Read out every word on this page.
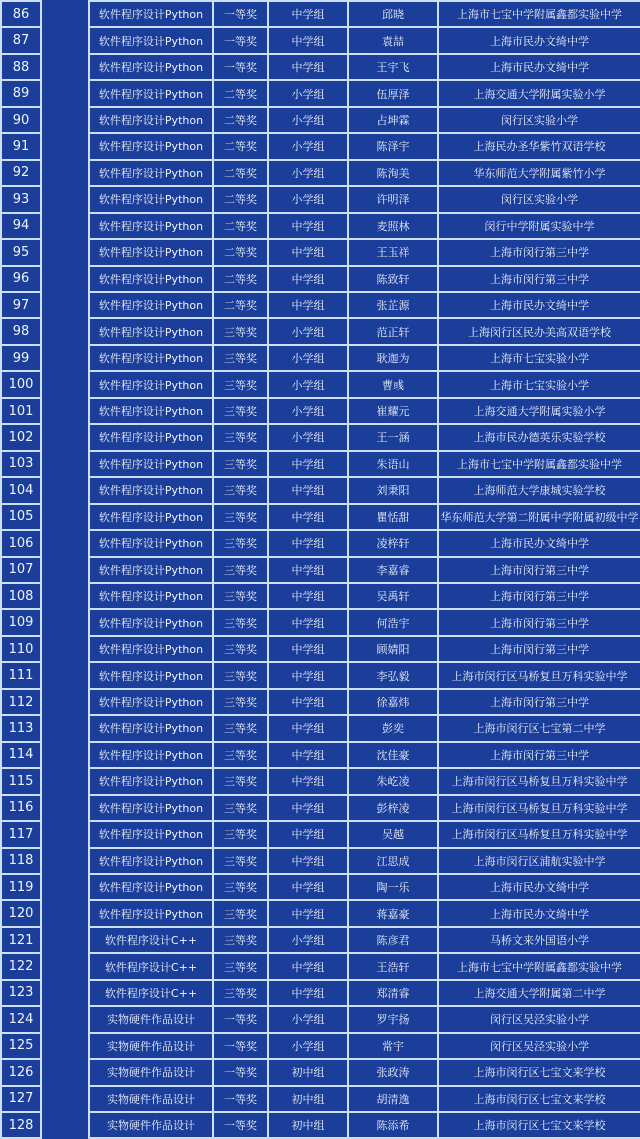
86		软件程序设计Python	一等奖	中学组	邱晓	上海市七宝中学附属鑫都实验中学
87		软件程序设计Python	一等奖	中学组	袁喆	上海市民办文绮中学
88		软件程序设计Python	一等奖	中学组	王宇飞	上海市民办文绮中学
89		软件程序设计Python	二等奖	小学组	伍厚泽	上海交通大学附属实验小学
90		软件程序设计Python	二等奖	小学组	占坤霖	闵行区实验小学
91		软件程序设计Python	二等奖	小学组	陈泽宇	上海民办圣华紫竹双语学校
92		软件程序设计Python	二等奖	小学组	陈洵美	华东师范大学附属紫竹小学
93		软件程序设计Python	二等奖	小学组	许明泽	闵行区实验小学
94		软件程序设计Python	二等奖	中学组	麦照林	闵行中学附属实验中学
95		软件程序设计Python	二等奖	中学组	王玉祥	上海市闵行第三中学
96		软件程序设计Python	二等奖	中学组	陈致轩	上海市闵行第三中学
97		软件程序设计Python	二等奖	中学组	张芷源	上海市民办文绮中学
98		软件程序设计Python	三等奖	小学组	范正轩	上海闵行区民办美高双语学校
99		软件程序设计Python	三等奖	小学组	耿迦为	上海市七宝实验小学
100		软件程序设计Python	三等奖	小学组	曹彧	上海市七宝实验小学
101		软件程序设计Python	三等奖	小学组	崔耀元	上海交通大学附属实验小学
102		软件程序设计Python	三等奖	小学组	王一涵	上海市民办德英乐实验学校
103		软件程序设计Python	三等奖	中学组	朱语山	上海市七宝中学附属鑫都实验中学
104		软件程序设计Python	三等奖	中学组	刘秉阳	上海师范大学康城实验学校
105		软件程序设计Python	三等奖	中学组	瞿恬甜	华东师范大学第二附属中学附属初级中学
106		软件程序设计Python	三等奖	中学组	凌梓轩	上海市民办文绮中学
107		软件程序设计Python	三等奖	中学组	李嘉睿	上海市闵行第三中学
108		软件程序设计Python	三等奖	中学组	吴禹轩	上海市闵行第三中学
109		软件程序设计Python	三等奖	中学组	何浩宇	上海市闵行第三中学
110		软件程序设计Python	三等奖	中学组	顾婧阳	上海市闵行第三中学
111		软件程序设计Python	三等奖	中学组	李弘毅	上海市闵行区马桥复旦万科实验中学
112		软件程序设计Python	三等奖	中学组	徐嘉炜	上海市闵行第三中学
113		软件程序设计Python	三等奖	中学组	彭奕	上海市闵行区七宝第二中学
114		软件程序设计Python	三等奖	中学组	沈佳豪	上海市闵行第三中学
115		软件程序设计Python	三等奖	中学组	朱屹凌	上海市闵行区马桥复旦万科实验中学
116		软件程序设计Python	三等奖	中学组	彭梓凌	上海市闵行区马桥复旦万科实验中学
117		软件程序设计Python	三等奖	中学组	吴越	上海市闵行区马桥复旦万科实验中学
118		软件程序设计Python	三等奖	中学组	江思成	上海市闵行区浦航实验中学
119		软件程序设计Python	三等奖	中学组	陶一乐	上海市民办文绮中学
120		软件程序设计Python	三等奖	中学组	蒋嘉豪	上海市民办文绮中学
121		软件程序设计C++	三等奖	小学组	陈彦君	马桥文来外国语小学
122		软件程序设计C++	三等奖	中学组	王浩轩	上海市七宝中学附属鑫都实验中学
123		软件程序设计C++	三等奖	中学组	郑清睿	上海交通大学附属第二中学
124		实物硬件作品设计	一等奖	小学组	罗宇扬	闵行区吴泾实验小学
125		实物硬件作品设计	一等奖	小学组	常宇	闵行区吴泾实验小学
126		实物硬件作品设计	一等奖	初中组	张政涛	上海市闵行区七宝文来学校
127		实物硬件作品设计	一等奖	初中组	胡清逸	上海市闵行区七宝文来学校
128		实物硬件作品设计	一等奖	初中组	陈添希	上海市闵行区七宝文来学校
